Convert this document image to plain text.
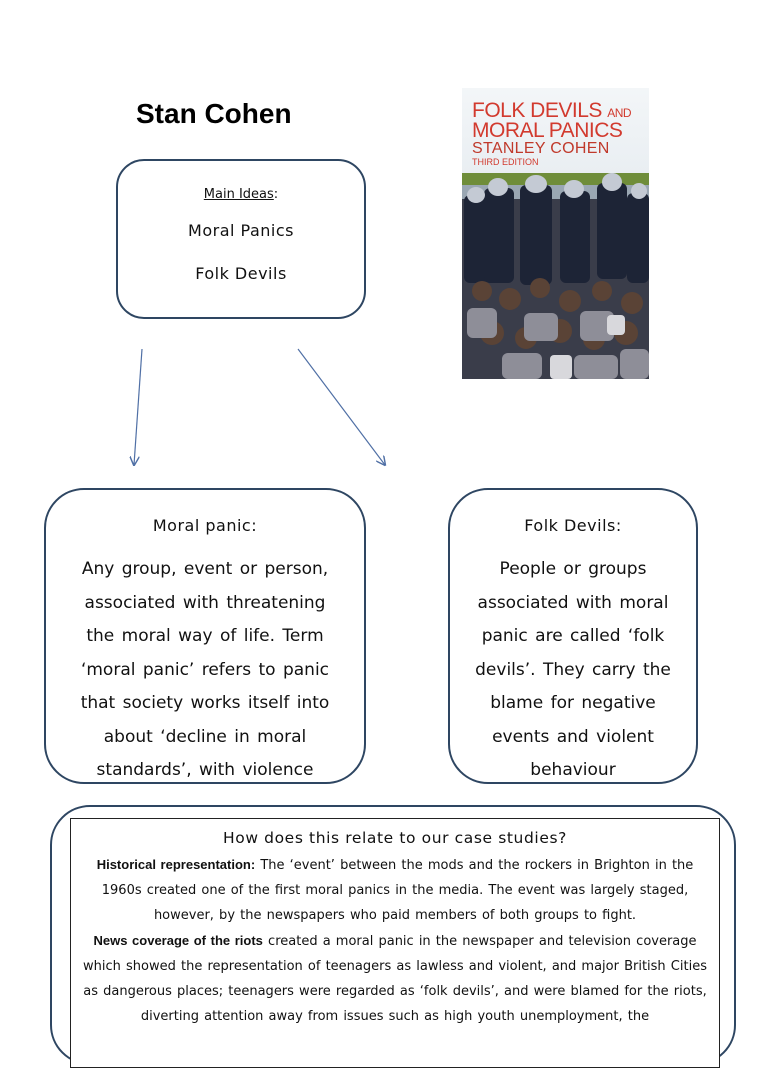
Stan Cohen
Main Ideas:
Moral Panics
Folk Devils
FOLK DEVILS AND
MORAL PANICS
STANLEY COHEN
THIRD EDITION
Moral panic:
Any group, event or person, associated with threatening the moral way of life. Term ‘moral panic’ refers to panic that society works itself into about ‘decline in moral standards’, with violence
Folk Devils:
People or groups associated with moral panic are called ‘folk devils’. They carry the blame for negative events and violent behaviour
How does this relate to our case studies?
Historical representation: The ‘event’ between the mods and the rockers in Brighton in the 1960s created one of the first moral panics in the media. The event was largely staged, however, by the newspapers who paid members of both groups to fight.
News coverage of the riots created a moral panic in the newspaper and television coverage which showed the representation of teenagers as lawless and violent, and major British Cities as dangerous places; teenagers were regarded as ‘folk devils’, and were blamed for the riots, diverting attention away from issues such as high youth unemployment, the
